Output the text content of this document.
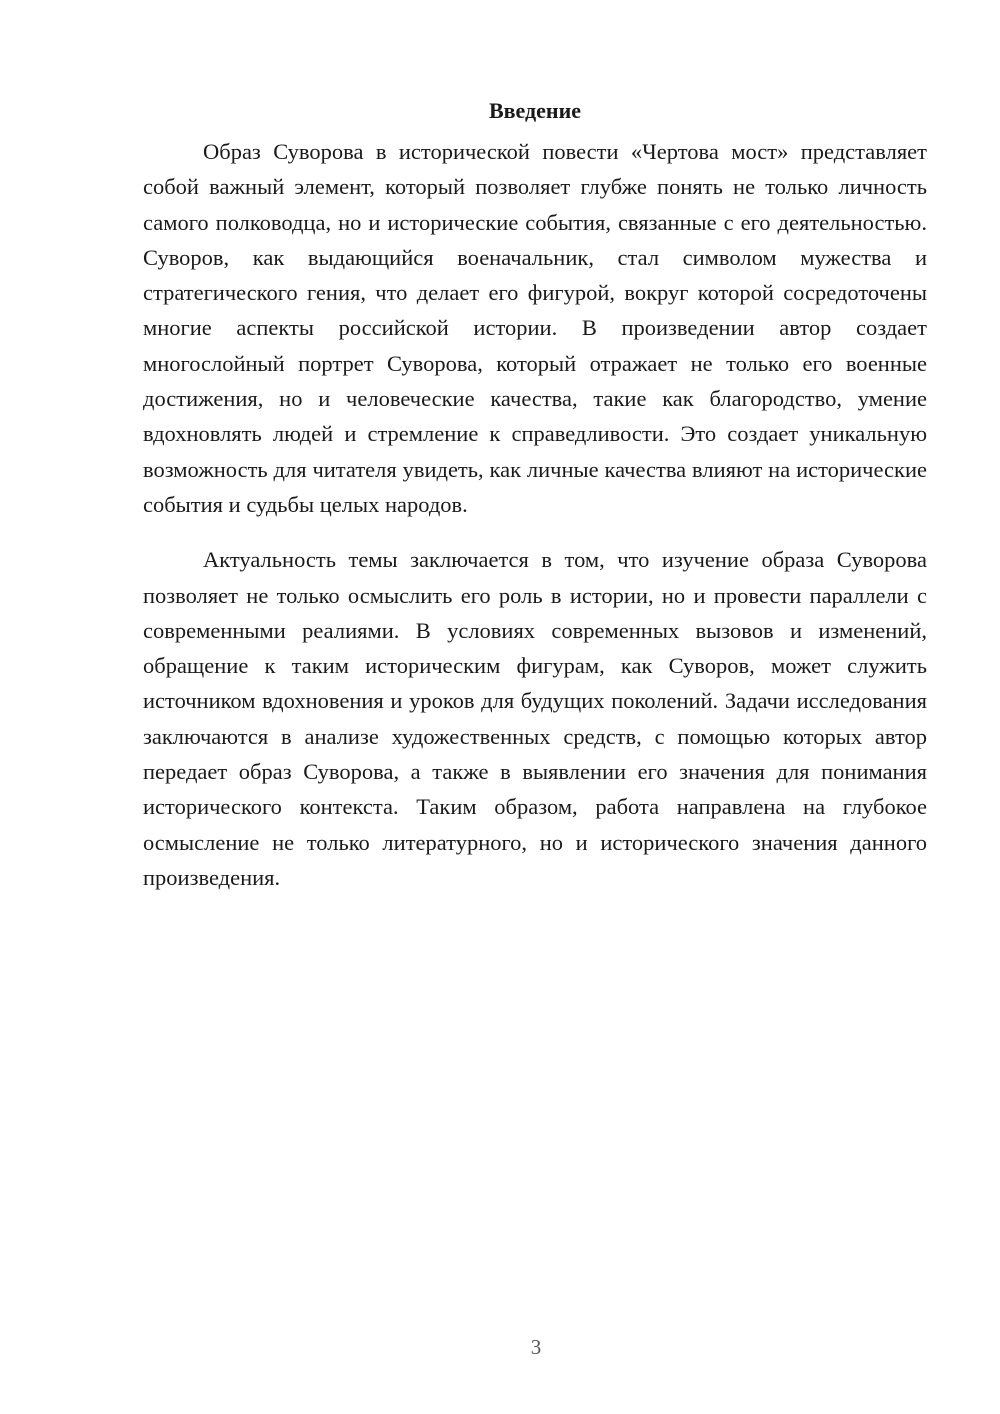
Введение

Образ Суворова в исторической повести «Чертова мост» представляет собой важный элемент, который позволяет глубже понять не только личность самого полководца, но и исторические события, связанные с его деятельностью. Суворов, как выдающийся военачальник, стал символом мужества и стратегического гения, что делает его фигурой, вокруг которой сосредоточены многие аспекты российской истории. В произведении автор создает многослойный портрет Суворова, который отражает не только его военные достижения, но и человеческие качества, такие как благородство, умение вдохновлять людей и стремление к справедливости. Это создает уникальную возможность для читателя увидеть, как личные качества влияют на исторические события и судьбы целых народов.

Актуальность темы заключается в том, что изучение образа Суворова позволяет не только осмыслить его роль в истории, но и провести параллели с современными реалиями. В условиях современных вызовов и изменений, обращение к таким историческим фигурам, как Суворов, может служить источником вдохновения и уроков для будущих поколений. Задачи исследования заключаются в анализе художественных средств, с помощью которых автор передает образ Суворова, а также в выявлении его значения для понимания исторического контекста. Таким образом, работа направлена на глубокое осмысление не только литературного, но и исторического значения данного произведения.

3
